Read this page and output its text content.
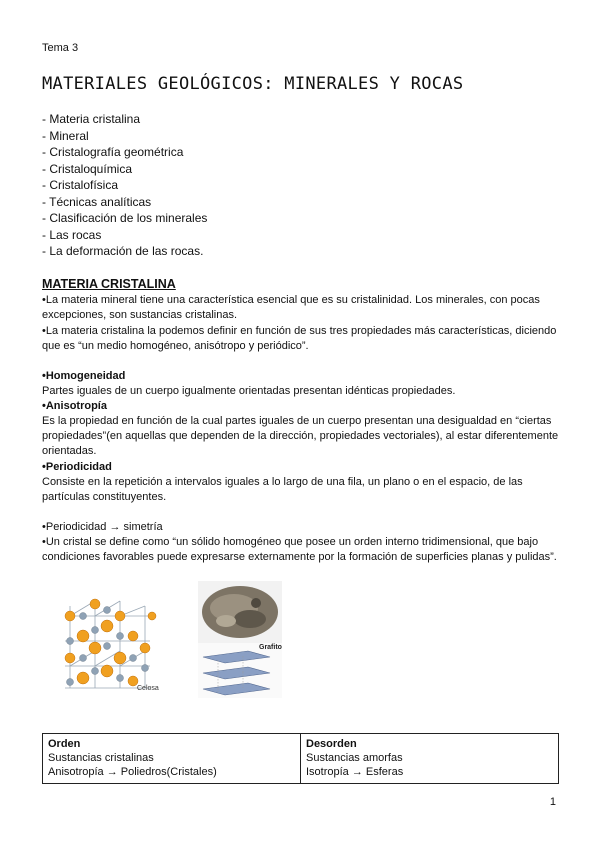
Tema 3
MATERIALES GEOLÓGICOS: MINERALES Y ROCAS
- Materia cristalina
- Mineral
- Cristalografía geométrica
- Cristaloquímica
- Cristalofísica
- Técnicas analíticas
- Clasificación de los minerales
- Las rocas
- La deformación de las rocas.
MATERIA CRISTALINA
•La materia mineral tiene una característica esencial que es su cristalinidad. Los minerales, con pocas excepciones, son sustancias cristalinas.
•La materia cristalina la podemos definir en función de sus tres propiedades más características, diciendo que es “un medio homogéneo, anisótropo y periódico”.
•Homogeneidad
Partes iguales de un cuerpo igualmente orientadas presentan idénticas propiedades.
•Anisotropía
Es la propiedad en función de la cual partes iguales de un cuerpo presentan una desigualdad en “ciertas propiedades”(en aquellas que dependen de la dirección, propiedades vectoriales), al estar diferentemente orientadas.
•Periodicidad
Consiste en la repetición a intervalos iguales a lo largo de una fila, un plano o en el espacio, de las partículas constituyentes.
•Periodicidad → simetría
•Un cristal se define como “un sólido homogéneo que posee un orden interno tridimensional, que bajo condiciones favorables puede expresarse externamente por la formación de superficies planas y pulidas”.
Celosa
Grafito
Orden
Sustancias cristalinas
Anisotropía → Poliedros(Cristales)

Desorden
Sustancias amorfas
Isotropía → Esferas
1
